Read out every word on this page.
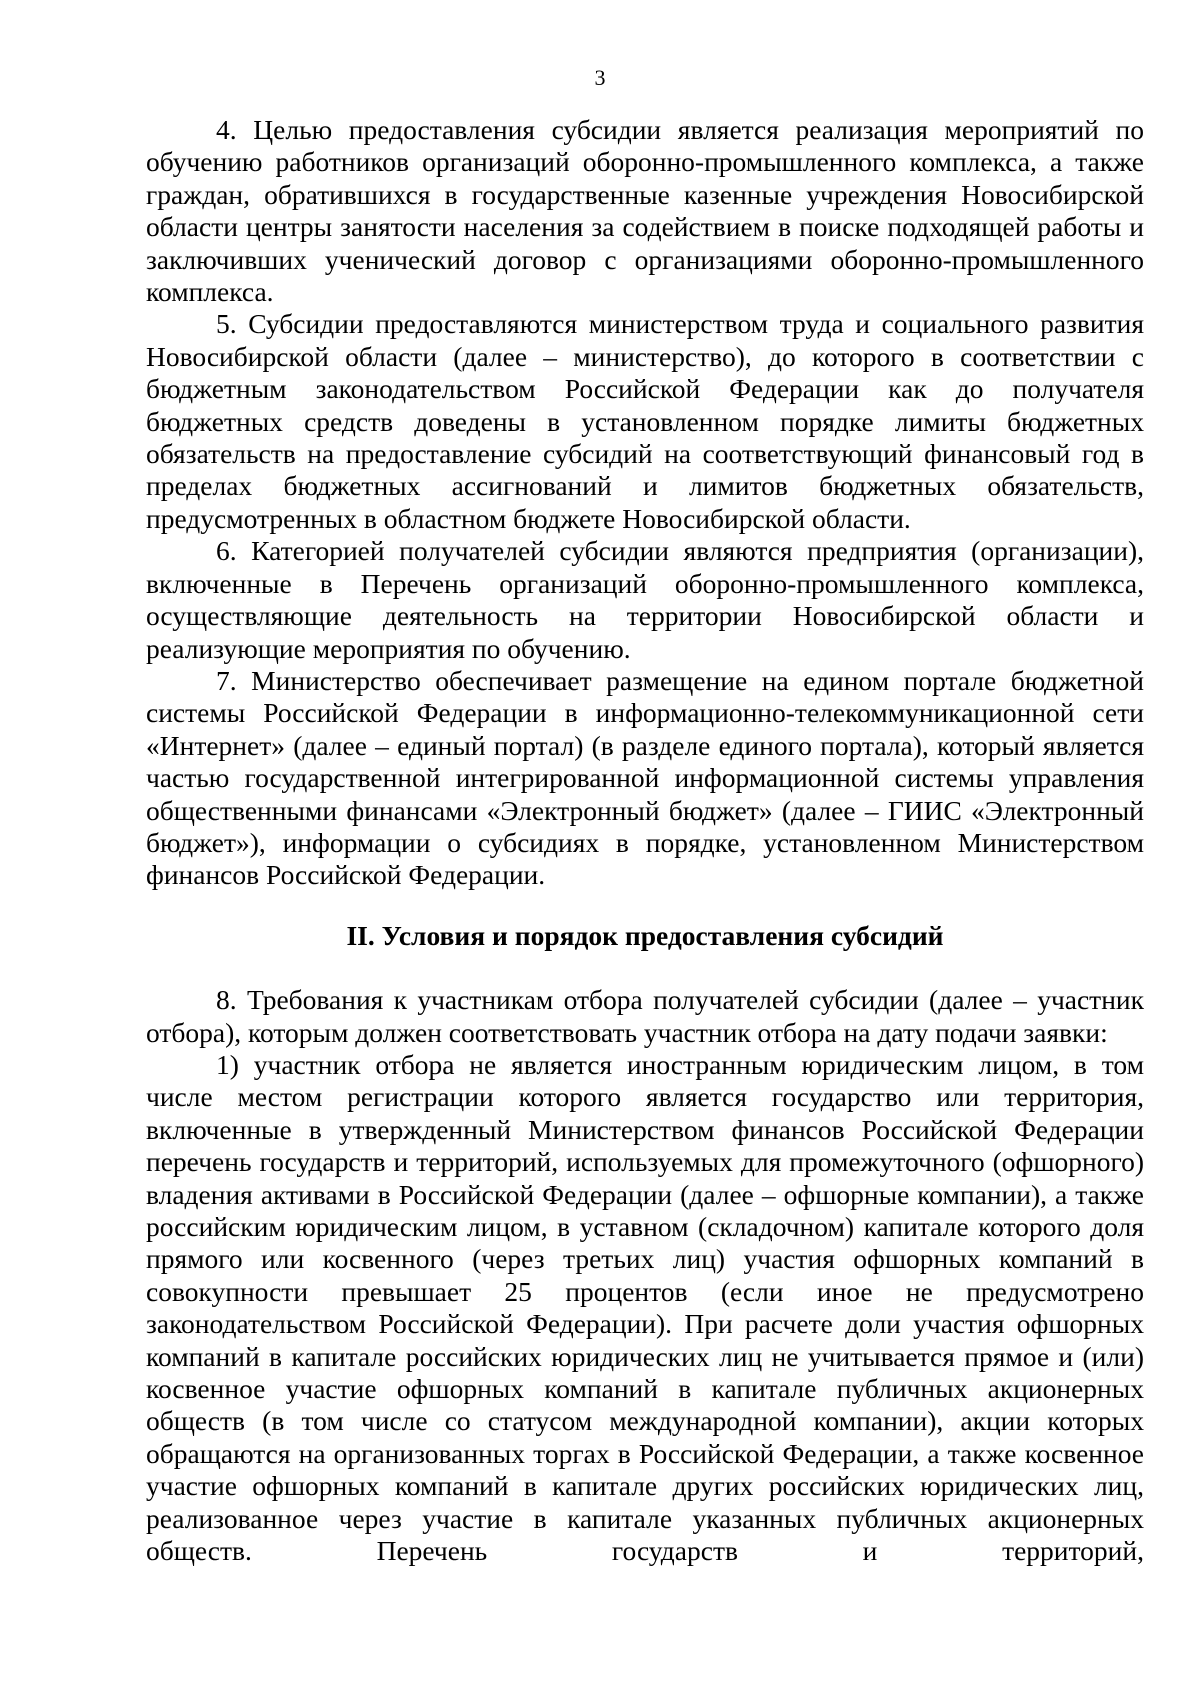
3

4. Целью предоставления субсидии является реализация мероприятий по обучению работников организаций оборонно-промышленного комплекса, а также граждан, обратившихся в государственные казенные учреждения Новосибирской области центры занятости населения за содействием в поиске подходящей работы и заключивших ученический договор с организациями оборонно-промышленного комплекса.

5. Субсидии предоставляются министерством труда и социального развития Новосибирской области (далее – министерство), до которого в соответствии с бюджетным законодательством Российской Федерации как до получателя бюджетных средств доведены в установленном порядке лимиты бюджетных обязательств на предоставление субсидий на соответствующий финансовый год в пределах бюджетных ассигнований и лимитов бюджетных обязательств, предусмотренных в областном бюджете Новосибирской области.

6. Категорией получателей субсидии являются предприятия (организации), включенные в Перечень организаций оборонно-промышленного комплекса, осуществляющие деятельность на территории Новосибирской области и реализующие мероприятия по обучению.

7. Министерство обеспечивает размещение на едином портале бюджетной системы Российской Федерации в информационно-телекоммуникационной сети «Интернет» (далее – единый портал) (в разделе единого портала), который является частью государственной интегрированной информационной системы управления общественными финансами «Электронный бюджет» (далее – ГИИС «Электронный бюджет»), информации о субсидиях в порядке, установленном Министерством финансов Российской Федерации.

II. Условия и порядок предоставления субсидий

8. Требования к участникам отбора получателей субсидии (далее – участник отбора), которым должен соответствовать участник отбора на дату подачи заявки:

1) участник отбора не является иностранным юридическим лицом, в том числе местом регистрации которого является государство или территория, включенные в утвержденный Министерством финансов Российской Федерации перечень государств и территорий, используемых для промежуточного (офшорного) владения активами в Российской Федерации (далее – офшорные компании), а также российским юридическим лицом, в уставном (складочном) капитале которого доля прямого или косвенного (через третьих лиц) участия офшорных компаний в совокупности превышает 25 процентов (если иное не предусмотрено законодательством Российской Федерации). При расчете доли участия офшорных компаний в капитале российских юридических лиц не учитывается прямое и (или) косвенное участие офшорных компаний в капитале публичных акционерных обществ (в том числе со статусом международной компании), акции которых обращаются на организованных торгах в Российской Федерации, а также косвенное участие офшорных компаний в капитале других российских юридических лиц, реализованное через участие в капитале указанных публичных акционерных обществ. Перечень государств и территорий,
